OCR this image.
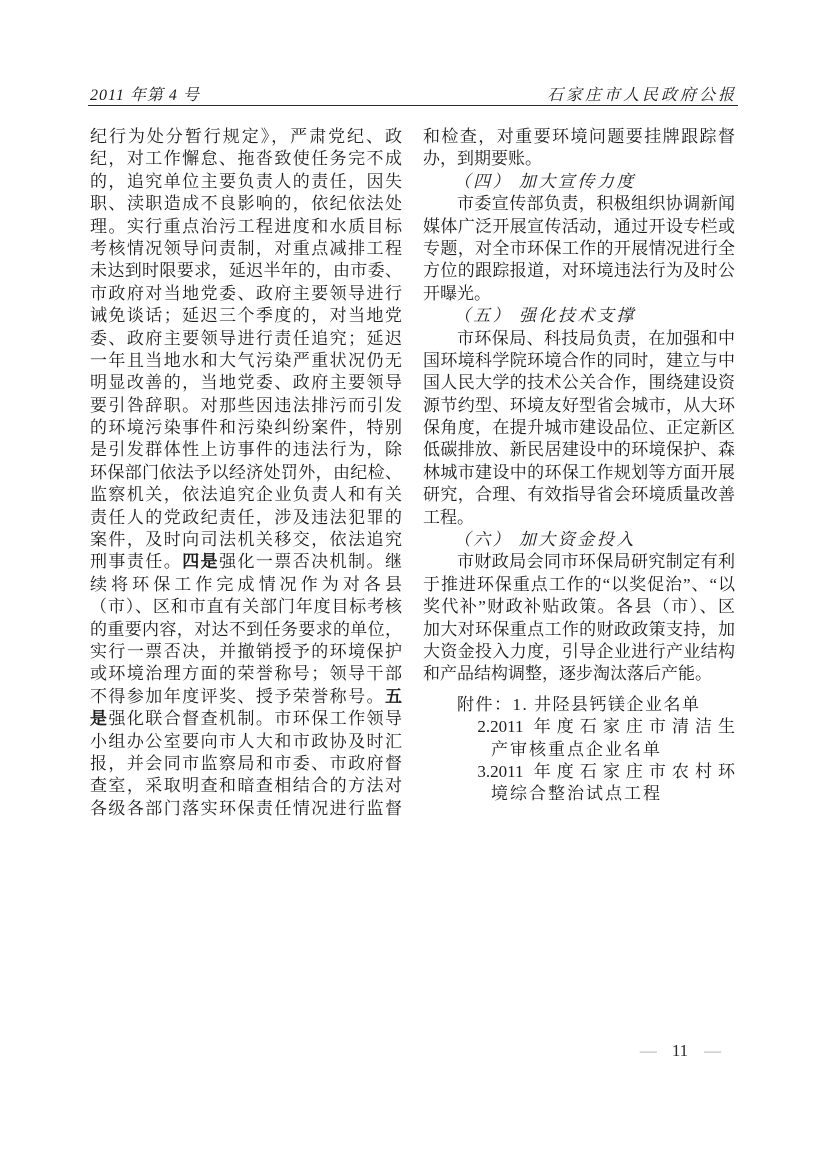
2011 年第 4 号	石家庄市人民政府公报
纪行为处分暂行规定》，严肃党纪、政
纪，对工作懈怠、拖沓致使任务完不成
的，追究单位主要负责人的责任，因失
职、渎职造成不良影响的，依纪依法处
理。实行重点治污工程进度和水质目标
考核情况领导问责制，对重点减排工程
未达到时限要求，延迟半年的，由市委、
市政府对当地党委、政府主要领导进行
诫免谈话；延迟三个季度的，对当地党
委、政府主要领导进行责任追究；延迟
一年且当地水和大气污染严重状况仍无
明显改善的，当地党委、政府主要领导
要引咎辞职。对那些因违法排污而引发
的环境污染事件和污染纠纷案件，特别
是引发群体性上访事件的违法行为，除
环保部门依法予以经济处罚外，由纪检、
监察机关，依法追究企业负责人和有关
责任人的党政纪责任，涉及违法犯罪的
案件，及时向司法机关移交，依法追究
刑事责任。四是强化一票否决机制。继
续将环保工作完成情况作为对各县
（市）、区和市直有关部门年度目标考核
的重要内容，对达不到任务要求的单位，
实行一票否决，并撤销授予的环境保护
或环境治理方面的荣誉称号；领导干部
不得参加年度评奖、授予荣誉称号。五
是强化联合督查机制。市环保工作领导
小组办公室要向市人大和市政协及时汇
报，并会同市监察局和市委、市政府督
查室，采取明查和暗查相结合的方法对
各级各部门落实环保责任情况进行监督
和检查，对重要环境问题要挂牌跟踪督
办，到期要账。
（四） 加大宣传力度
市委宣传部负责，积极组织协调新闻
媒体广泛开展宣传活动，通过开设专栏或
专题，对全市环保工作的开展情况进行全
方位的跟踪报道，对环境违法行为及时公
开曝光。
（五） 强化技术支撑
市环保局、科技局负责，在加强和中
国环境科学院环境合作的同时，建立与中
国人民大学的技术公关合作，围绕建设资
源节约型、环境友好型省会城市，从大环
保角度，在提升城市建设品位、正定新区
低碳排放、新民居建设中的环境保护、森
林城市建设中的环保工作规划等方面开展
研究，合理、有效指导省会环境质量改善
工程。
（六） 加大资金投入
市财政局会同市环保局研究制定有利
于推进环保重点工作的“以奖促治”、“以
奖代补”财政补贴政策。各县（市）、区
加大对环保重点工作的财政政策支持，加
大资金投入力度，引导企业进行产业结构
和产品结构调整，逐步淘汰落后产能。
附件：1. 井陉县钙镁企业名单
2.2011 年度石家庄市清洁生
产审核重点企业名单
3.2011 年度石家庄市农村环
境综合整治试点工程
— 11 —
